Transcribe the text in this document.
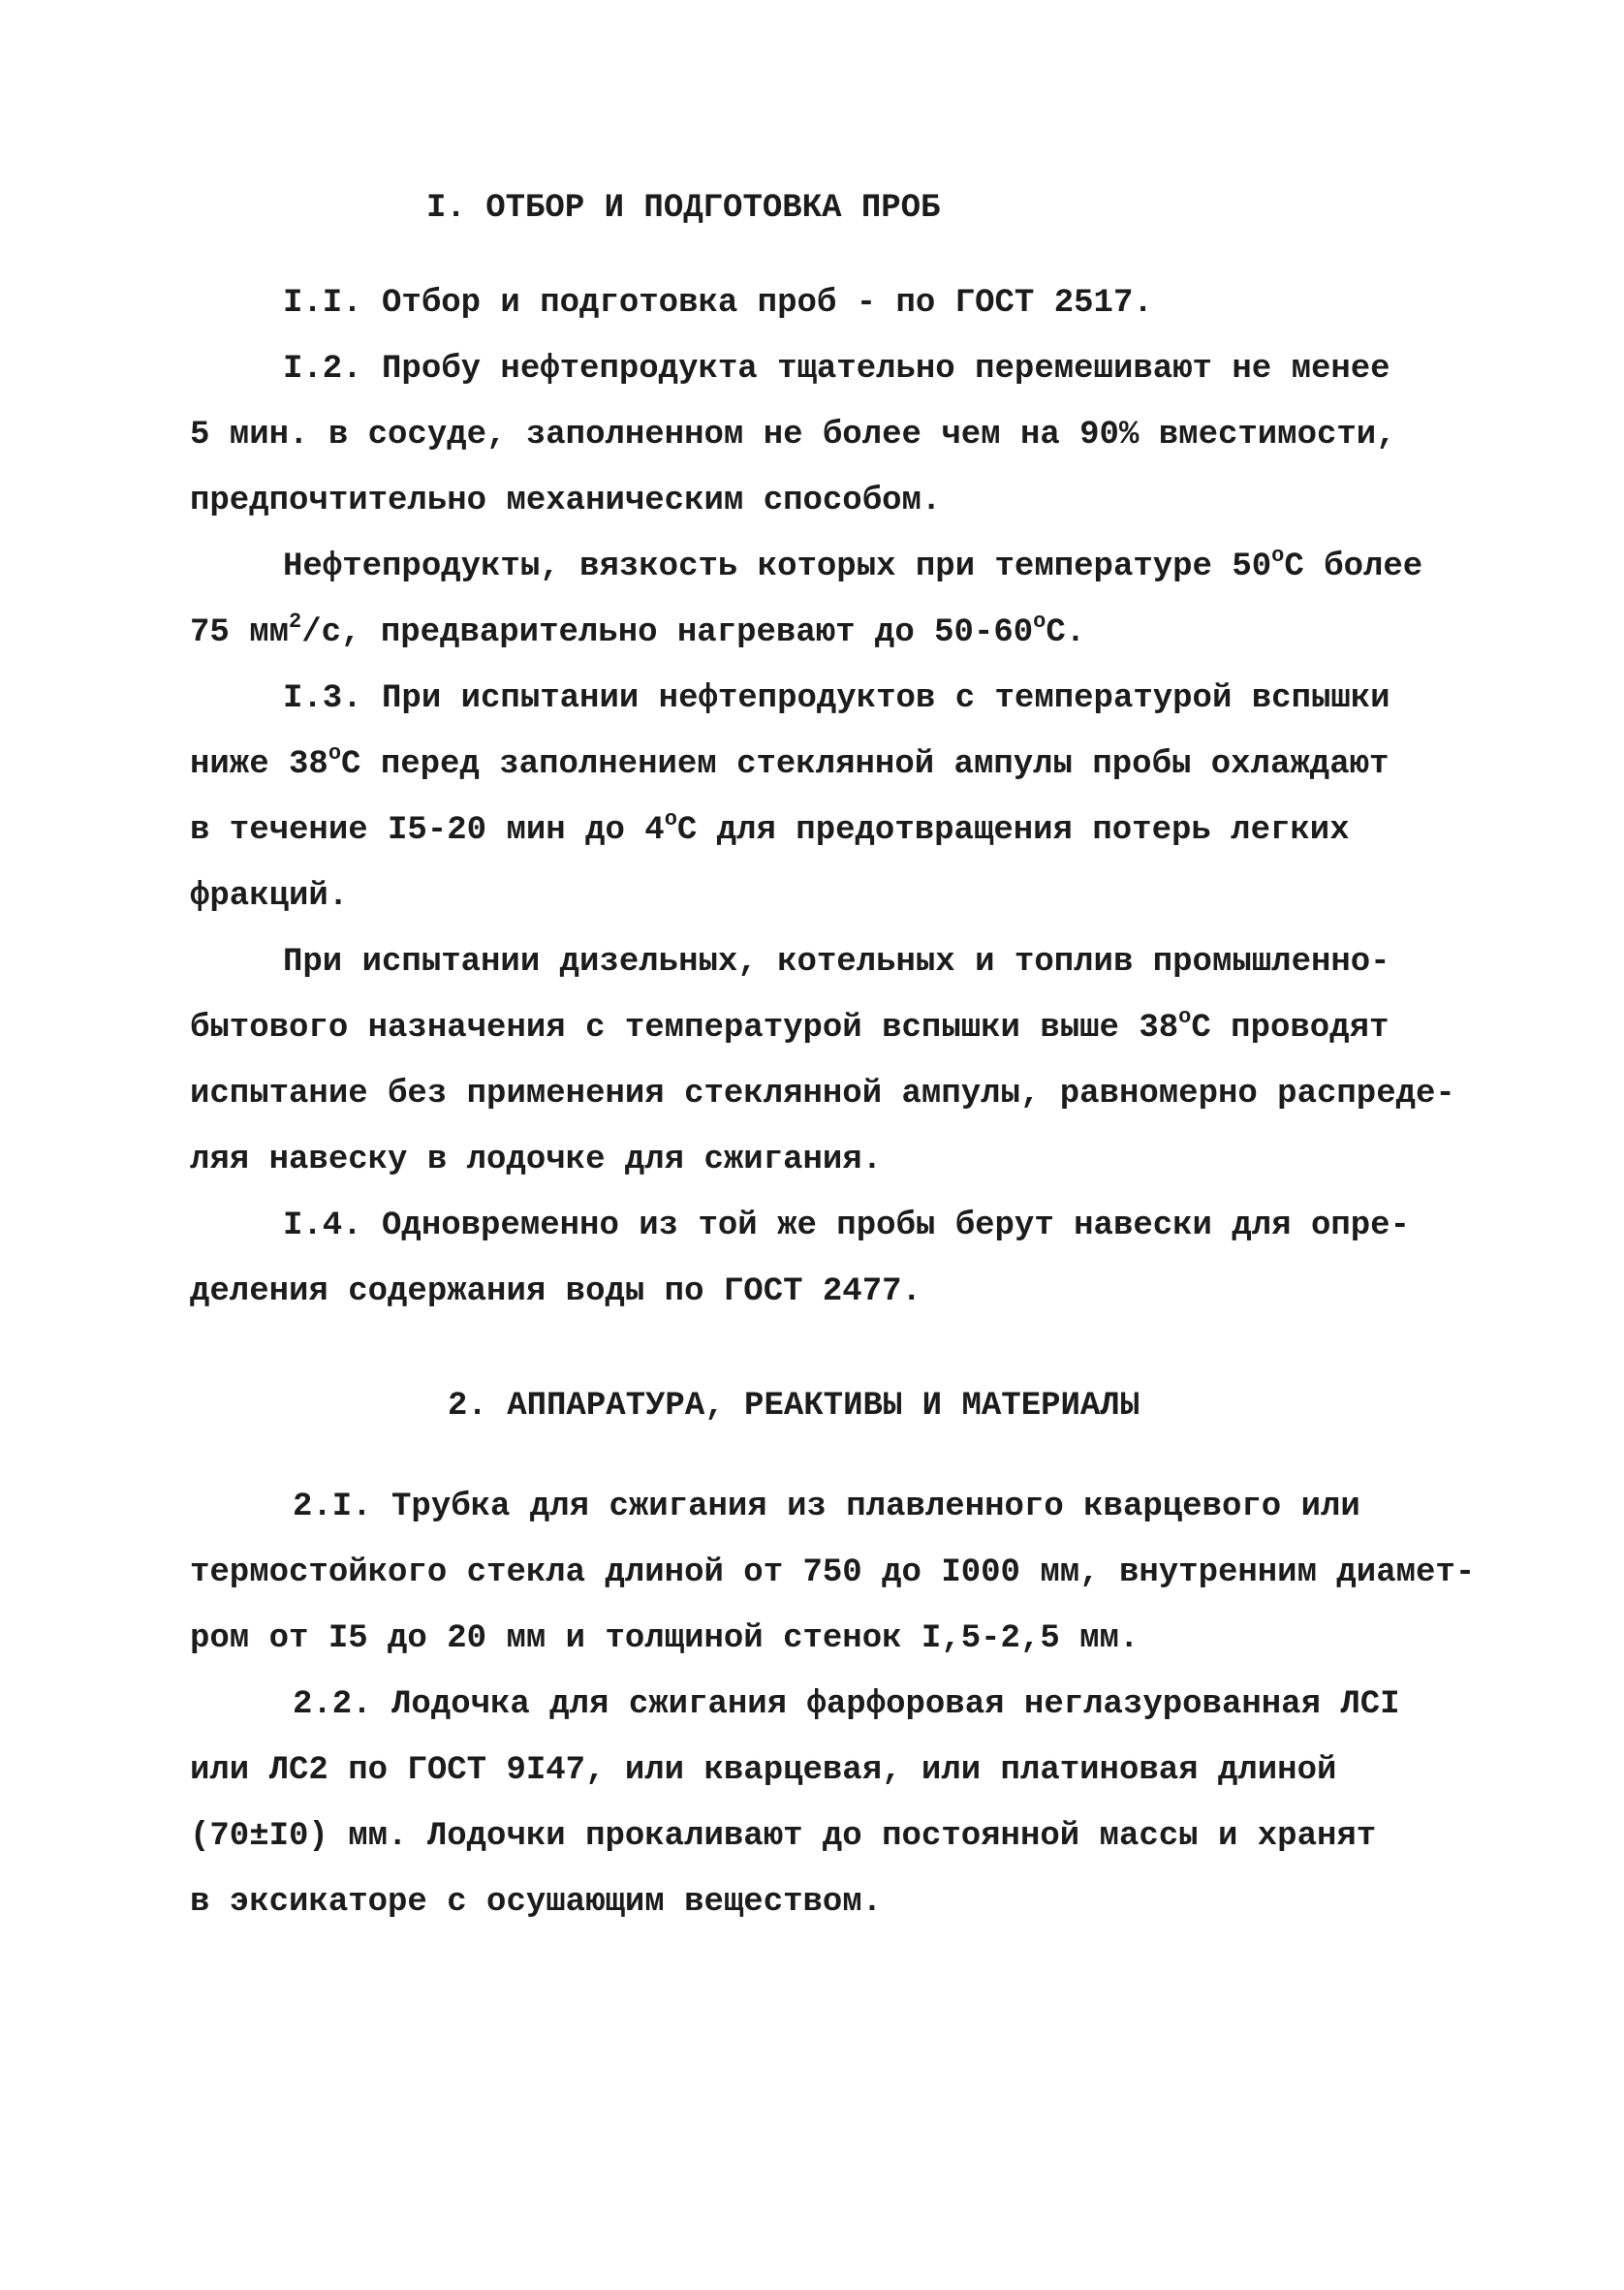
I. ОТБОР И ПОДГОТОВКА ПРОБ
I.I. Отбор и подготовка проб - по ГОСТ 2517.
I.2. Пробу нефтепродукта тщательно перемешивают не менее
5 мин. в сосуде, заполненном не более чем на 90% вместимости,
предпочтительно механическим способом.
Нефтепродукты, вязкость которых при температуре $50^оС$ более
75 $мм^2/с$, предварительно нагревают до $50-60^оС$.
I.3. При испытании нефтепродуктов с температурой вспышки
ниже $38^оС$ перед заполнением стеклянной ампулы пробы охлаждают
в течение I5-20 мин до $4^оС$ для предотвращения потерь легких
фракций.
При испытании дизельных, котельных и топлив промышленно-
бытового назначения с температурой вспышки выше $38^оС$ проводят
испытание без применения стеклянной ампулы, равномерно распреде-
ляя навеску в лодочке для сжигания.
I.4. Одновременно из той же пробы берут навески для опре-
деления содержания воды по ГОСТ 2477.
2. АППАРАТУРА, РЕАКТИВЫ И МАТЕРИАЛЫ
2.I. Трубка для сжигания из плавленного кварцевого или
термостойкого стекла длиной от 750 до I000 мм, внутренним диамет-
ром от I5 до 20 мм и толщиной стенок I,5-2,5 мм.
2.2. Лодочка для сжигания фарфоровая неглазурованная ЛСI
или ЛС2 по ГОСТ 9I47, или кварцевая, или платиновая длиной
(70±I0) мм. Лодочки прокаливают до постоянной массы и хранят
в эксикаторе с осушающим веществом.
